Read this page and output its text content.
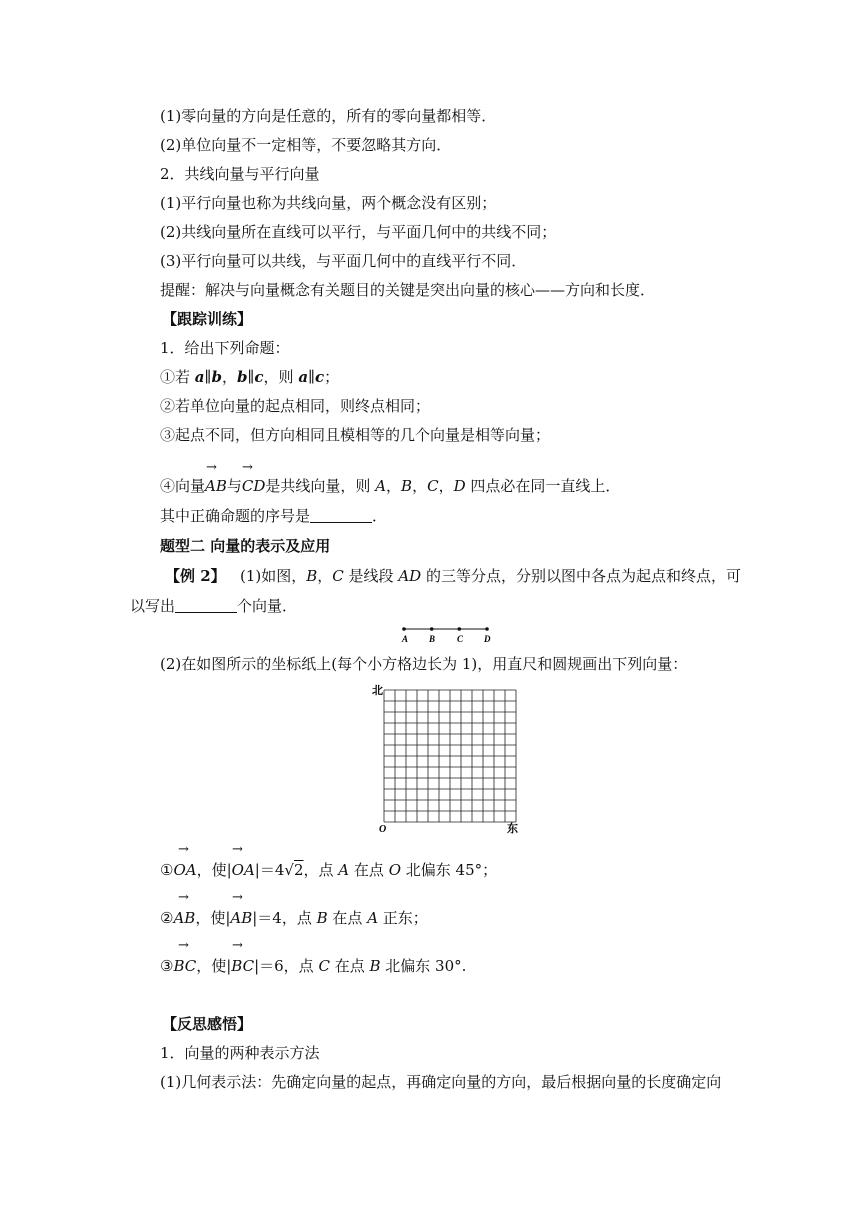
(1)零向量的方向是任意的，所有的零向量都相等．
(2)单位向量不一定相等，不要忽略其方向．
2．共线向量与平行向量
(1)平行向量也称为共线向量，两个概念没有区别；
(2)共线向量所在直线可以平行，与平面几何中的共线不同；
(3)平行向量可以共线，与平面几何中的直线平行不同．
提醒：解决与向量概念有关题目的关键是突出向量的核心——方向和长度．
【跟踪训练】
1．给出下列命题：
①若 a∥b，b∥c，则 a∥c；
②若单位向量的起点相同，则终点相同；
③起点不同，但方向相同且模相等的几个向量是相等向量；
→ →
④向量AB与CD是共线向量，则 A，B，C，D 四点必在同一直线上．
其中正确命题的序号是	．
题型二 向量的表示及应用
【例 2】 (1)如图，B，C 是线段 AD 的三等分点，分别以图中各点为起点和终点，可
以写出	个向量．
A B C D
(2)在如图所示的坐标纸上(每个小方格边长为 1)，用直尺和圆规画出下列向量：
北
O	东
→	→
①OA，使|OA|＝4√2，点 A 在点 O 北偏东 45°；
→	→
②AB，使|AB|＝4，点 B 在点 A 正东；
→	→
③BC，使|BC|＝6，点 C 在点 B 北偏东 30°.
【反思感悟】
1．向量的两种表示方法
(1)几何表示法：先确定向量的起点，再确定向量的方向，最后根据向量的长度确定向
